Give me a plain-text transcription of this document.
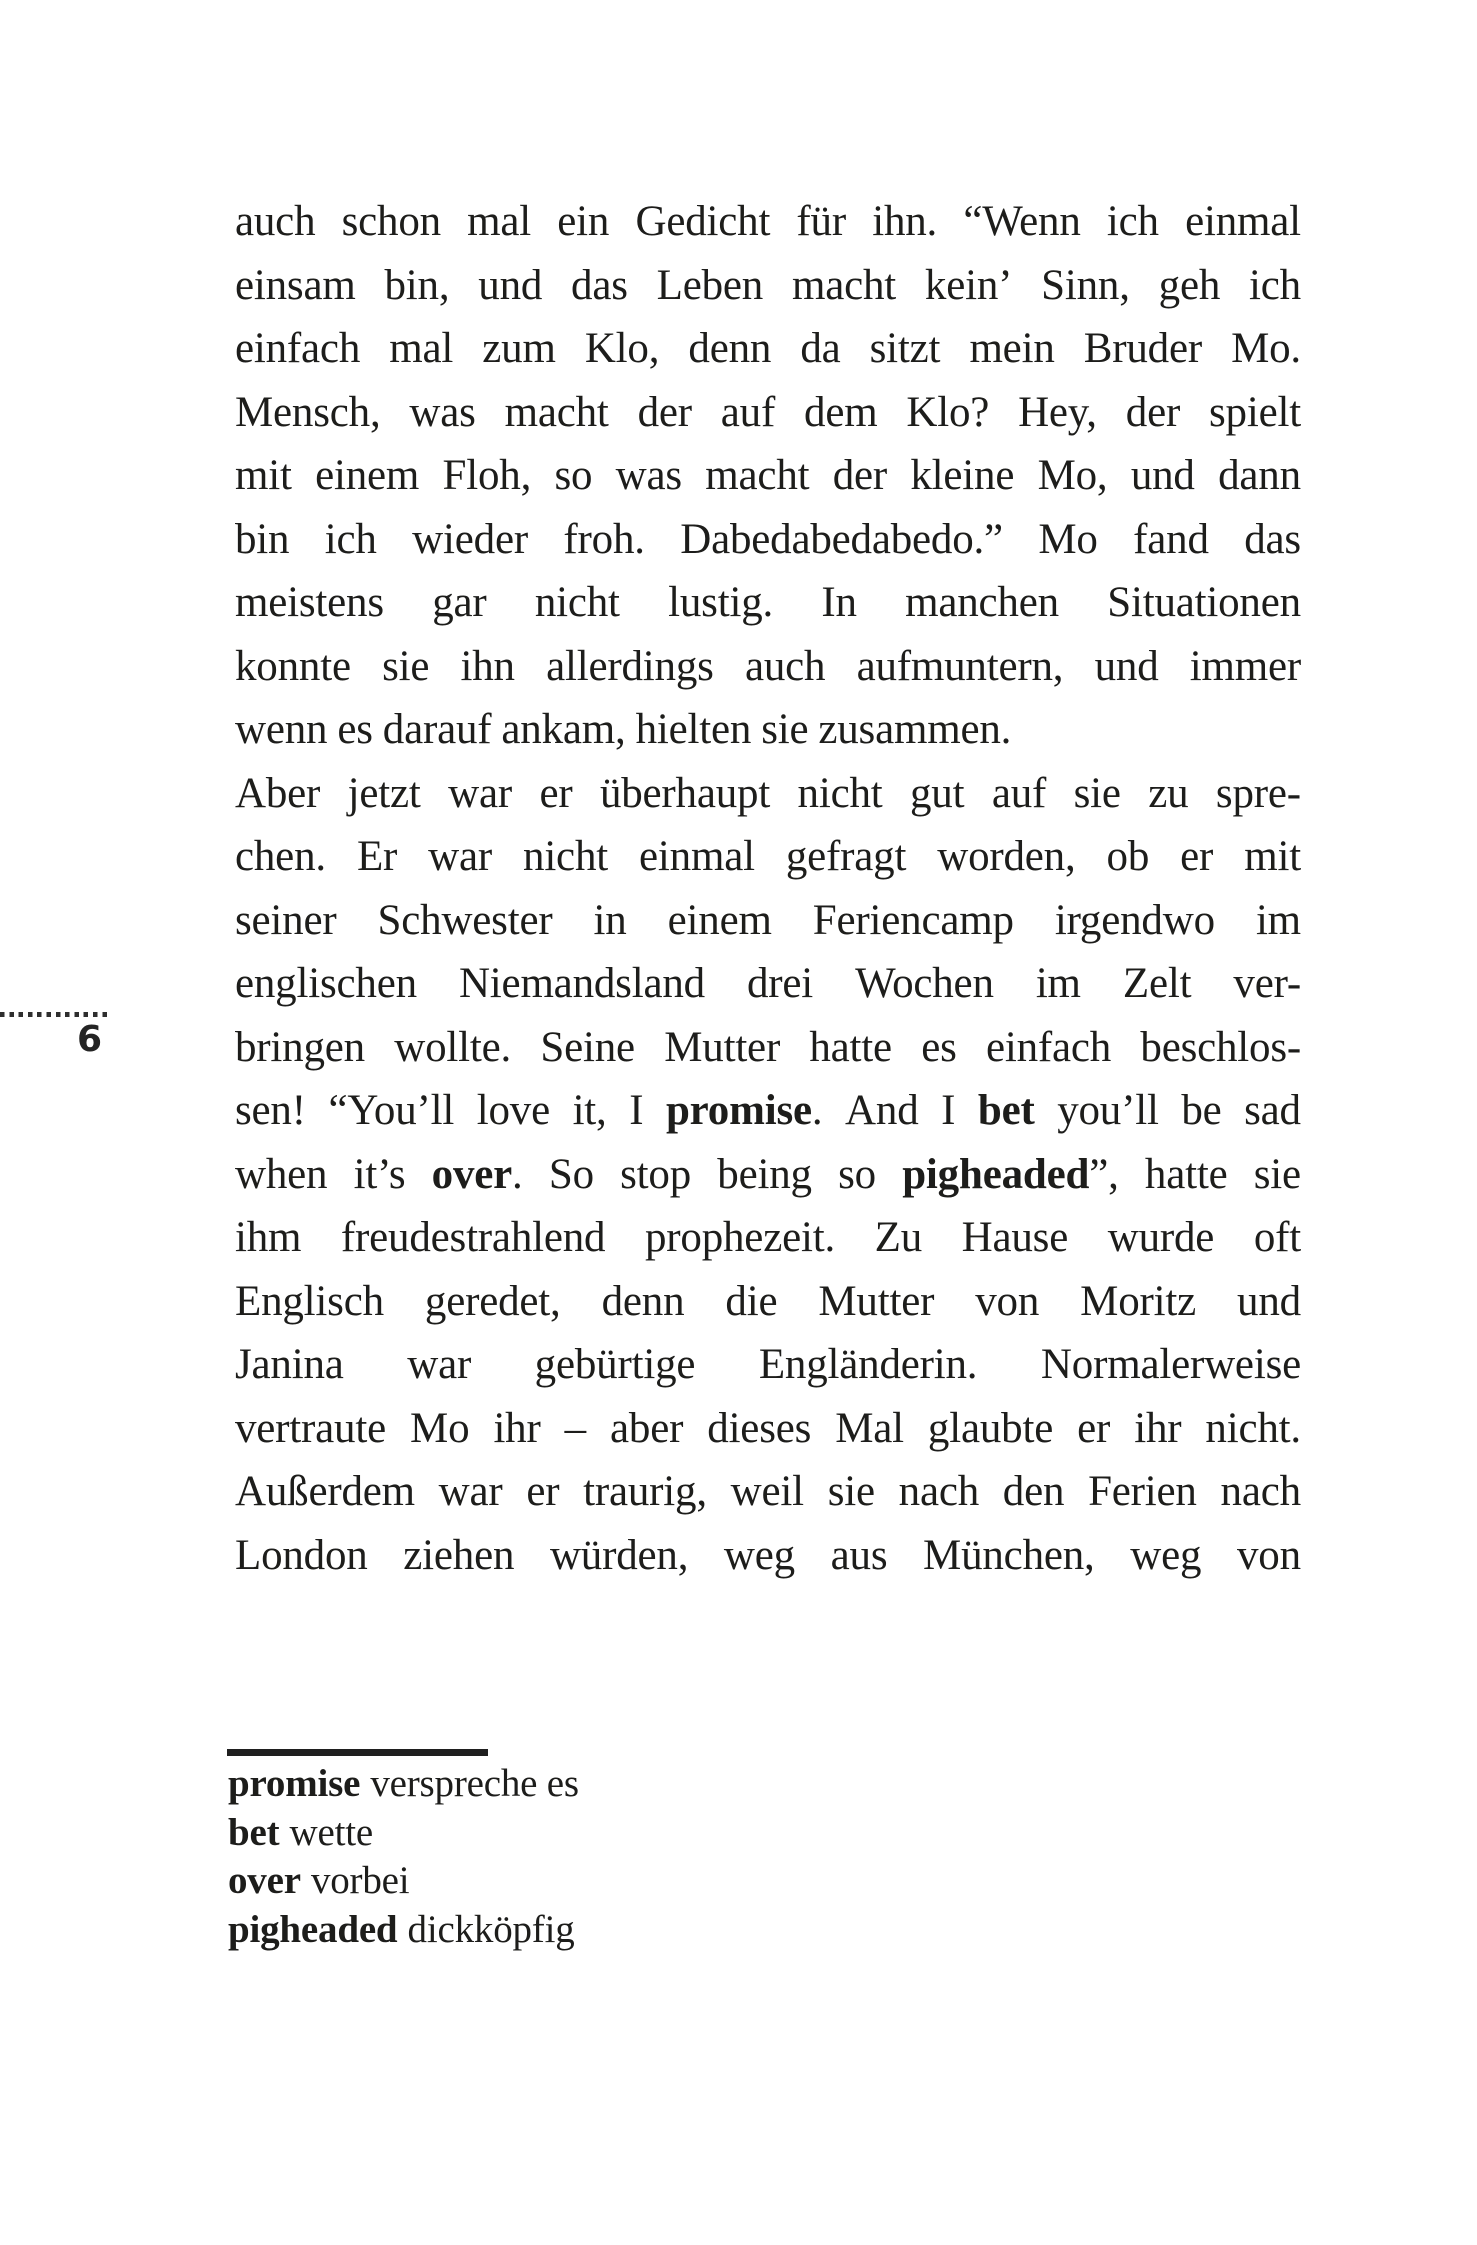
auch schon mal ein Gedicht für ihn. “Wenn ich einmal
einsam bin, und das Leben macht kein’ Sinn, geh ich
einfach mal zum Klo, denn da sitzt mein Bruder Mo.
Mensch, was macht der auf dem Klo? Hey, der spielt
mit einem Floh, so was macht der kleine Mo, und dann
bin ich wieder froh. Dabedabedabedo.” Mo fand das
meistens gar nicht lustig. In manchen Situationen
konnte sie ihn allerdings auch aufmuntern, und immer
wenn es darauf ankam, hielten sie zusammen.
Aber jetzt war er überhaupt nicht gut auf sie zu spre-
chen. Er war nicht einmal gefragt worden, ob er mit
seiner Schwester in einem Feriencamp irgendwo im
englischen Niemandsland drei Wochen im Zelt ver-
bringen wollte. Seine Mutter hatte es einfach beschlos-
sen! “You’ll love it, I promise. And I bet you’ll be sad
when it’s over. So stop being so pigheaded”, hatte sie
ihm freudestrahlend prophezeit. Zu Hause wurde oft
Englisch geredet, denn die Mutter von Moritz und
Janina war gebürtige Engländerin. Normalerweise
vertraute Mo ihr – aber dieses Mal glaubte er ihr nicht.
Außerdem war er traurig, weil sie nach den Ferien nach
London ziehen würden, weg aus München, weg von
6
promise verspreche es
bet wette
over vorbei
pigheaded dickköpfig
